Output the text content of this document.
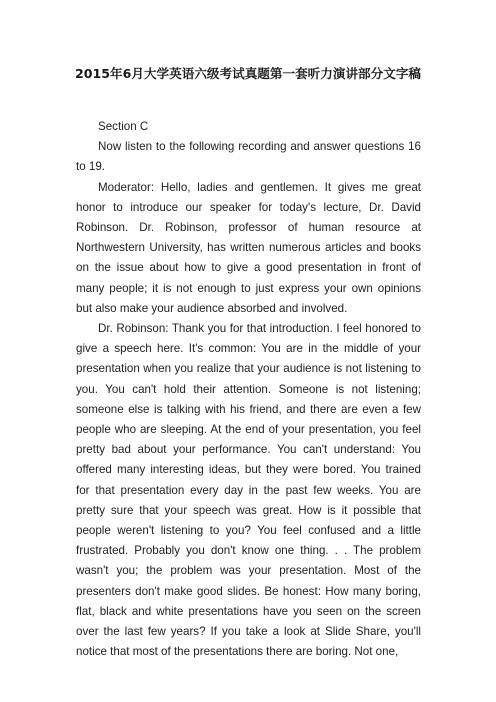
2015年6月大学英语六级考试真题第一套听力演讲部分文字稿

Section C

Now listen to the following recording and answer questions 16 to 19.

Moderator: Hello, ladies and gentlemen. It gives me great honor to introduce our speaker for today's lecture, Dr. David Robinson. Dr. Robinson, professor of human resource at Northwestern University, has written numerous articles and books on the issue about how to give a good presentation in front of many people; it is not enough to just express your own opinions but also make your audience absorbed and involved.

Dr. Robinson: Thank you for that introduction. I feel honored to give a speech here. It's common: You are in the middle of your presentation when you realize that your audience is not listening to you. You can't hold their attention. Someone is not listening; someone else is talking with his friend, and there are even a few people who are sleeping. At the end of your presentation, you feel pretty bad about your performance. You can't understand: You offered many interesting ideas, but they were bored. You trained for that presentation every day in the past few weeks. You are pretty sure that your speech was great. How is it possible that people weren't listening to you? You feel confused and a little frustrated. Probably you don't know one thing. . . The problem wasn't you; the problem was your presentation. Most of the presenters don't make good slides. Be honest: How many boring, flat, black and white presentations have you seen on the screen over the last few years? If you take a look at Slide Share, you'll notice that most of the presentations there are boring. Not one,
